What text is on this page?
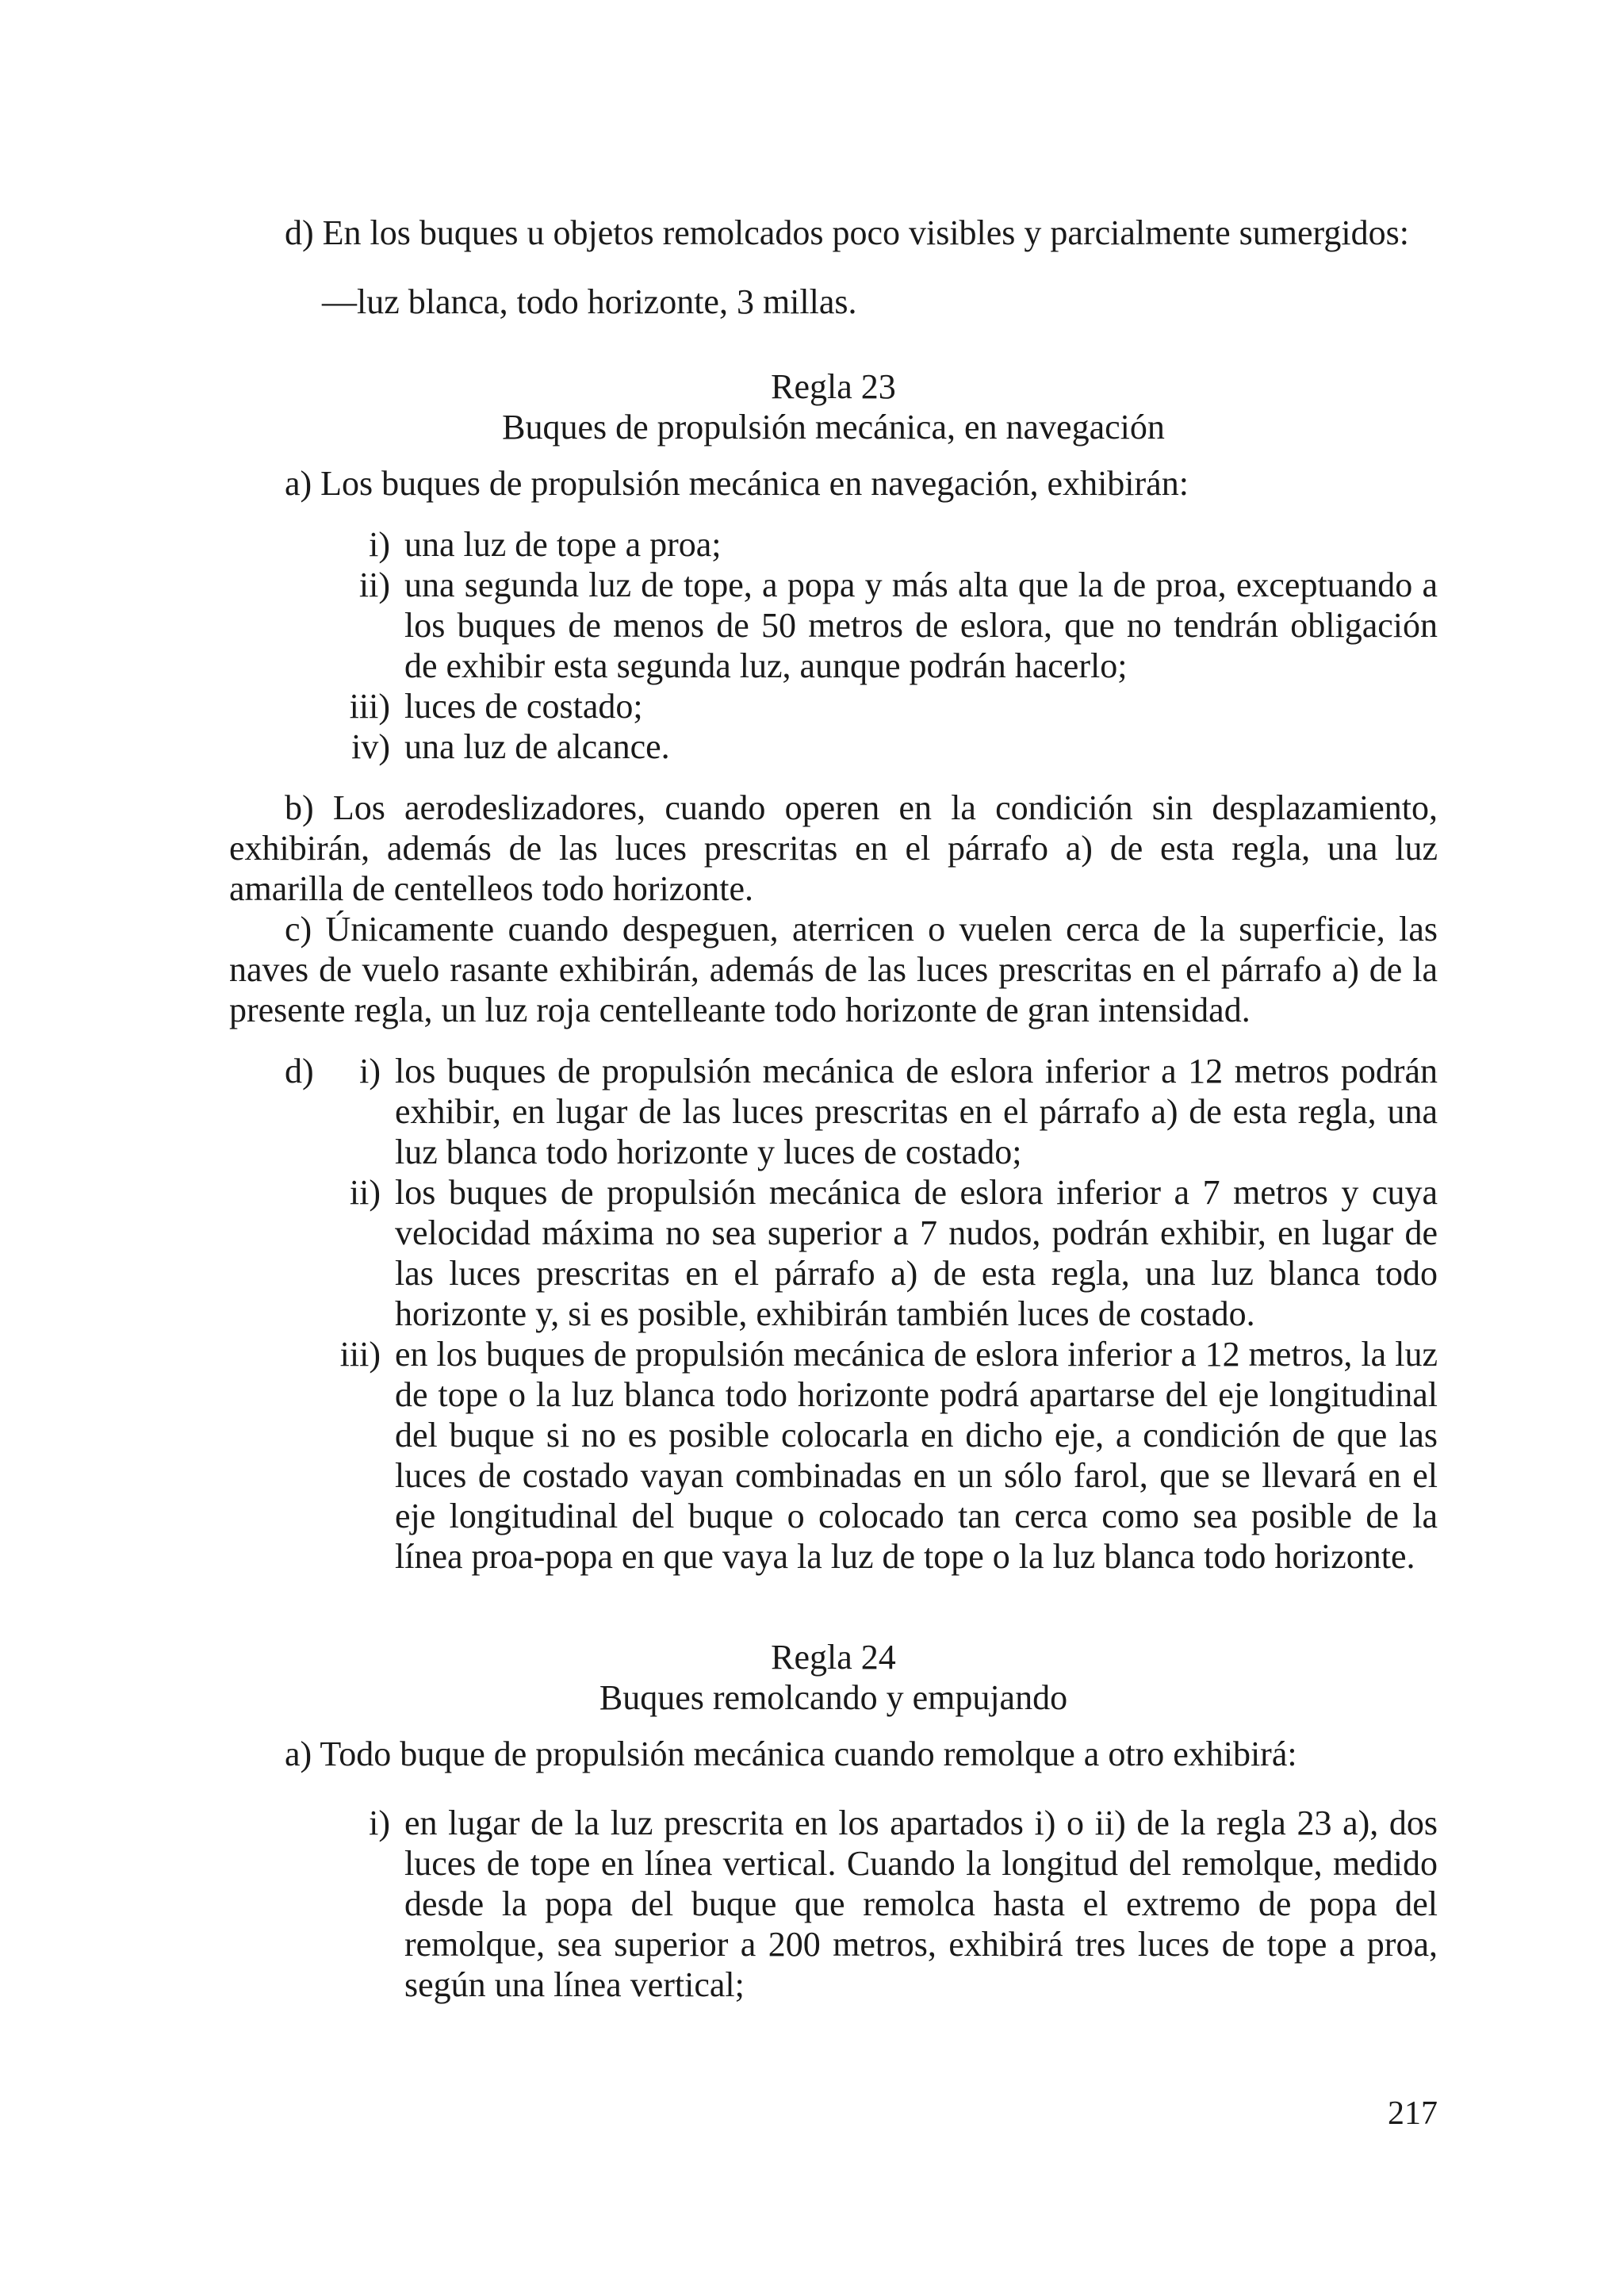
d) En los buques u objetos remolcados poco visibles y parcialmente sumergidos:

—luz blanca, todo horizonte, 3 millas.

Regla 23

Buques de propulsión mecánica, en navegación

a) Los buques de propulsión mecánica en navegación, exhibirán:

i) una luz de tope a proa;
ii) una segunda luz de tope, a popa y más alta que la de proa, exceptuando a los buques de menos de 50 metros de eslora, que no tendrán obligación de exhibir esta segunda luz, aunque podrán hacerlo;
iii) luces de costado;
iv) una luz de alcance.

b) Los aerodeslizadores, cuando operen en la condición sin desplazamiento, exhibirán, además de las luces prescritas en el párrafo a) de esta regla, una luz amarilla de centelleos todo horizonte.

c) Únicamente cuando despeguen, aterricen o vuelen cerca de la superficie, las naves de vuelo rasante exhibirán, además de las luces prescritas en el párrafo a) de la presente regla, un luz roja centelleante todo horizonte de gran intensidad.

d)	i) los buques de propulsión mecánica de eslora inferior a 12 metros podrán exhibir, en lugar de las luces prescritas en el párrafo a) de esta regla, una luz blanca todo horizonte y luces de costado;
ii) los buques de propulsión mecánica de eslora inferior a 7 metros y cuya velocidad máxima no sea superior a 7 nudos, podrán exhibir, en lugar de las luces prescritas en el párrafo a) de esta regla, una luz blanca todo horizonte y, si es posible, exhibirán también luces de costado.
iii) en los buques de propulsión mecánica de eslora inferior a 12 metros, la luz de tope o la luz blanca todo horizonte podrá apartarse del eje longitudinal del buque si no es posible colocarla en dicho eje, a condición de que las luces de costado vayan combinadas en un sólo farol, que se llevará en el eje longitudinal del buque o colocado tan cerca como sea posible de la línea proa-popa en que vaya la luz de tope o la luz blanca todo horizonte.

Regla 24

Buques remolcando y empujando

a) Todo buque de propulsión mecánica cuando remolque a otro exhibirá:

i) en lugar de la luz prescrita en los apartados i) o ii) de la regla 23 a), dos luces de tope en línea vertical. Cuando la longitud del remolque, medido desde la popa del buque que remolca hasta el extremo de popa del remolque, sea superior a 200 metros, exhibirá tres luces de tope a proa, según una línea vertical;
217
